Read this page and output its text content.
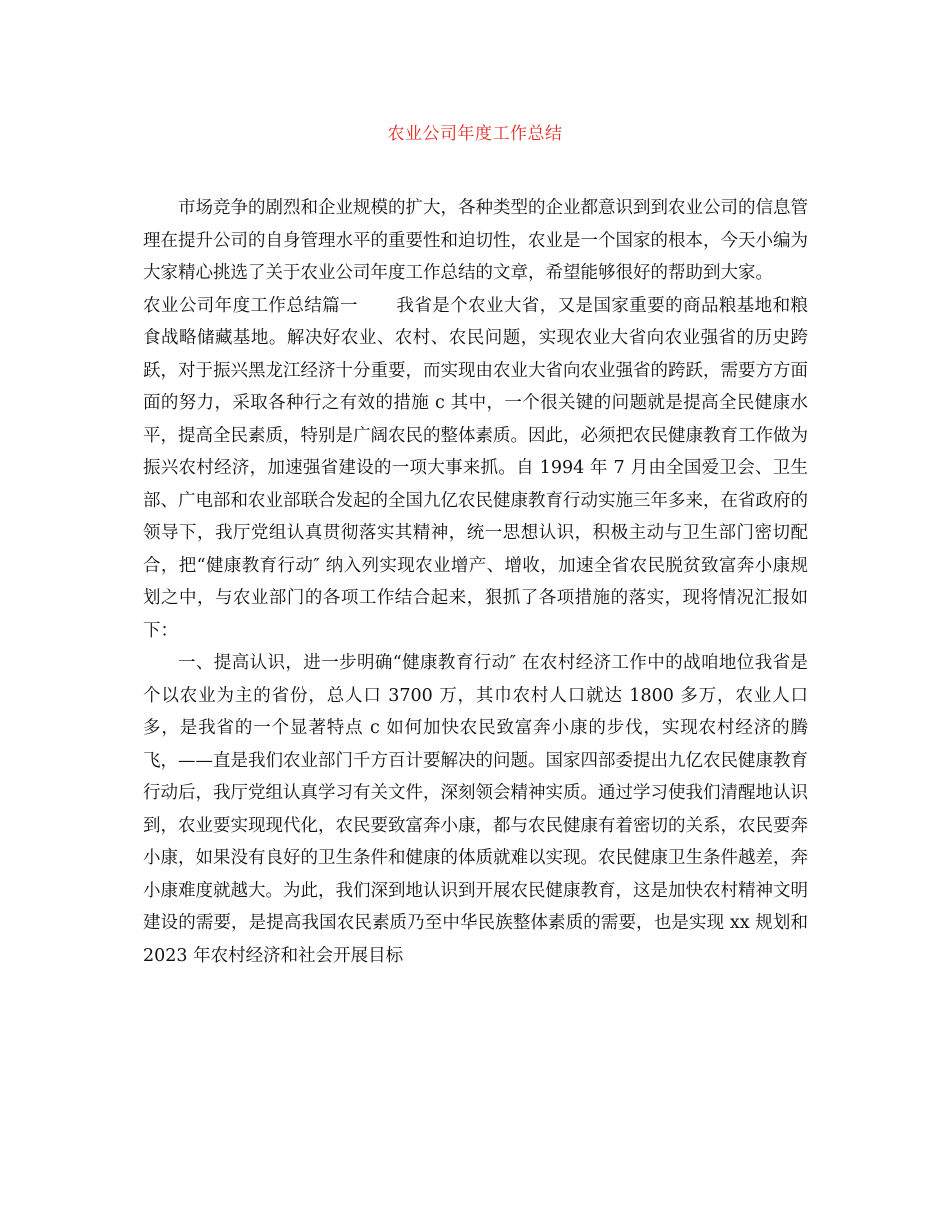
农业公司年度工作总结

市场竞争的剧烈和企业规模的扩大，各种类型的企业都意识到到农业公司的信息管理在提升公司的自身管理水平的重要性和迫切性，农业是一个国家的根本，今天小编为大家精心挑选了关于农业公司年度工作总结的文章，希望能够很好的帮助到大家。

农业公司年度工作总结篇一 我省是个农业大省，又是国家重要的商品粮基地和粮食战略储藏基地。解决好农业、农村、农民问题，实现农业大省向农业强省的历史跨跃，对于振兴黑龙江经济十分重要，而实现由农业大省向农业强省的跨跃，需要方方面面的努力，采取各种行之有效的措施 c 其中，一个很关键的问题就是提高全民健康水平，提高全民素质，特别是广阔农民的整体素质。因此，必须把农民健康教育工作做为振兴农村经济，加速强省建设的一项大事来抓。自 1994 年 7 月由全国爱卫会、卫生部、广电部和农业部联合发起的全国九亿农民健康教育行动实施三年多来，在省政府的领导下，我厅党组认真贯彻落实其精神，统一思想认识，积极主动与卫生部门密切配合，把“健康教育行动″ 纳入列实现农业增产、增收，加速全省农民脱贫致富奔小康规划之中，与农业部门的各项工作结合起来，狠抓了各项措施的落实，现将情况汇报如下：

一、提高认识，进一步明确“健康教育行动″ 在农村经济工作中的战咱地位我省是个以农业为主的省份，总人口 3700 万，其巾农村人口就达 1800 多万，农业人口多，是我省的一个显著特点 c 如何加快农民致富奔小康的步伐，实现农村经济的腾飞，——直是我们农业部门千方百计要解决的问题。国家四部委提出九亿农民健康教育行动后，我厅党组认真学习有关文件，深刻领会精神实质。通过学习使我们清醒地认识到，农业要实现现代化，农民要致富奔小康，都与农民健康有着密切的关系，农民要奔小康，如果没有良好的卫生条件和健康的体质就难以实现。农民健康卫生条件越差，奔小康难度就越大。为此，我们深到地认识到开展农民健康教育，这是加快农村精神文明建设的需要，是提高我国农民素质乃至中华民族整体素质的需要，也是实现 xx 规划和 2023 年农村经济和社会开展目标
